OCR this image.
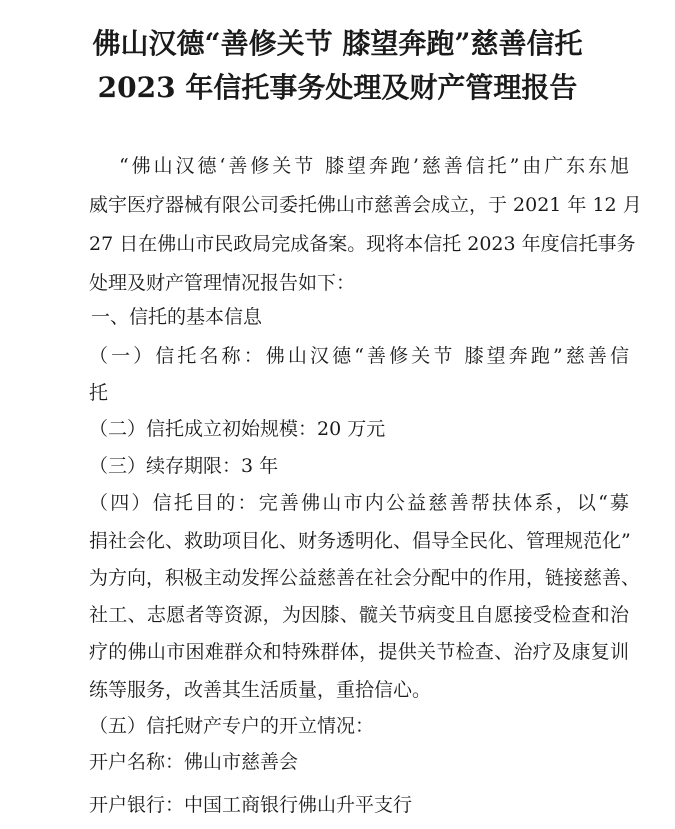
佛山汉德“善修关节 膝望奔跑”慈善信托
2023 年信托事务处理及财产管理报告
“佛山汉德‘善修关节 膝望奔跑’慈善信托”由广东东旭
威宇医疗器械有限公司委托佛山市慈善会成立，于 2021 年 12 月
27 日在佛山市民政局完成备案。现将本信托 2023 年度信托事务
处理及财产管理情况报告如下：
一、信托的基本信息
（一）信托名称：佛山汉德“善修关节 膝望奔跑”慈善信
托
（二）信托成立初始规模：20 万元
（三）续存期限：3 年
（四）信托目的：完善佛山市内公益慈善帮扶体系，以“募
捐社会化、救助项目化、财务透明化、倡导全民化、管理规范化”
为方向，积极主动发挥公益慈善在社会分配中的作用，链接慈善、
社工、志愿者等资源，为因膝、髋关节病变且自愿接受检查和治
疗的佛山市困难群众和特殊群体，提供关节检查、治疗及康复训
练等服务，改善其生活质量，重拾信心。
（五）信托财产专户的开立情况：
开户名称：佛山市慈善会
开户银行：中国工商银行佛山升平支行
